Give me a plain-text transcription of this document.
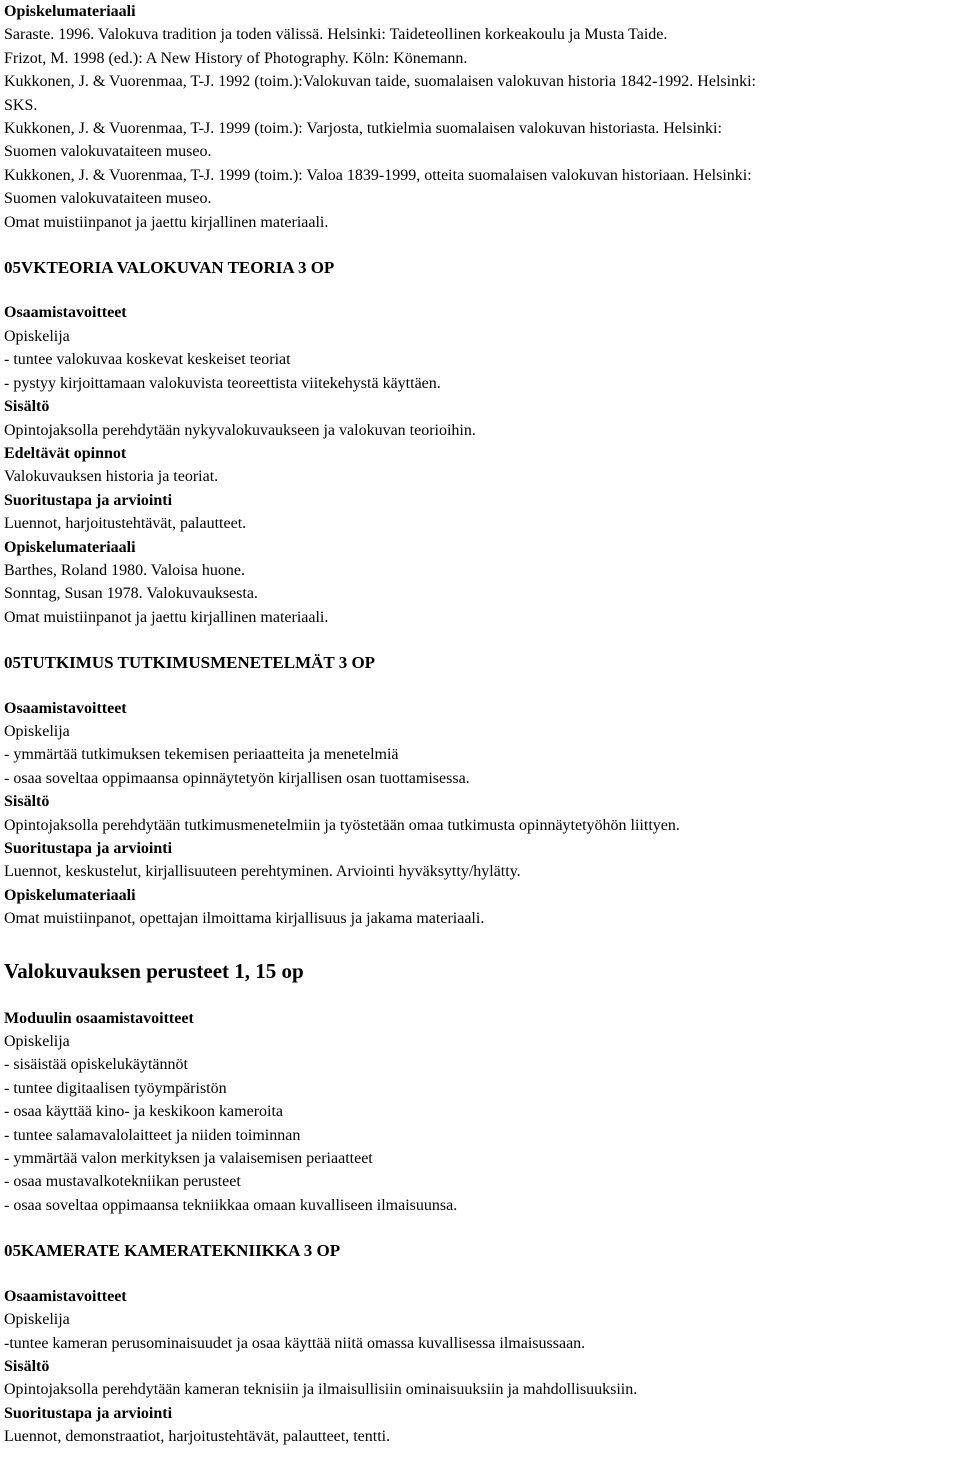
Opiskelumateriaali
Saraste. 1996. Valokuva tradition ja toden välissä. Helsinki: Taideteollinen korkeakoulu ja Musta Taide.
Frizot, M. 1998 (ed.): A New History of Photography. Köln: Könemann.
Kukkonen, J. & Vuorenmaa, T-J. 1992 (toim.):Valokuvan taide, suomalaisen valokuvan historia 1842-1992. Helsinki:
SKS.
Kukkonen, J. & Vuorenmaa, T-J. 1999 (toim.): Varjosta, tutkielmia suomalaisen valokuvan historiasta. Helsinki:
Suomen valokuvataiteen museo.
Kukkonen, J. & Vuorenmaa, T-J. 1999 (toim.): Valoa 1839-1999, otteita suomalaisen valokuvan historiaan. Helsinki:
Suomen valokuvataiteen museo.
Omat muistiinpanot ja jaettu kirjallinen materiaali.
05VKTEORIA VALOKUVAN TEORIA 3 OP
Osaamistavoitteet
Opiskelija
- tuntee valokuvaa koskevat keskeiset teoriat
- pystyy kirjoittamaan valokuvista teoreettista viitekehystä käyttäen.
Sisältö
Opintojaksolla perehdytään nykyvalokuvaukseen ja valokuvan teorioihin.
Edeltävät opinnot
Valokuvauksen historia ja teoriat.
Suoritustapa ja arviointi
Luennot, harjoitustehtävät, palautteet.
Opiskelumateriaali
Barthes, Roland 1980. Valoisa huone.
Sonntag, Susan 1978. Valokuvauksesta.
Omat muistiinpanot ja jaettu kirjallinen materiaali.
05TUTKIMUS TUTKIMUSMENETELMÄT 3 OP
Osaamistavoitteet
Opiskelija
- ymmärtää tutkimuksen tekemisen periaatteita ja menetelmiä
- osaa soveltaa oppimaansa opinnäytetyön kirjallisen osan tuottamisessa.
Sisältö
Opintojaksolla perehdytään tutkimusmenetelmiin ja työstetään omaa tutkimusta opinnäytetyöhön liittyen.
Suoritustapa ja arviointi
Luennot, keskustelut, kirjallisuuteen perehtyminen. Arviointi hyväksytty/hylätty.
Opiskelumateriaali
Omat muistiinpanot, opettajan ilmoittama kirjallisuus ja jakama materiaali.
Valokuvauksen perusteet 1, 15 op
Moduulin osaamistavoitteet
Opiskelija
- sisäistää opiskelukäytännöt
- tuntee digitaalisen työympäristön
- osaa käyttää kino- ja keskikoon kameroita
- tuntee salamavalolaitteet ja niiden toiminnan
- ymmärtää valon merkityksen ja valaisemisen periaatteet
- osaa mustavalkotekniikan perusteet
- osaa soveltaa oppimaansa tekniikkaa omaan kuvalliseen ilmaisuunsa.
05KAMERATE KAMERATEKNIIKKA 3 OP
Osaamistavoitteet
Opiskelija
-tuntee kameran perusominaisuudet ja osaa käyttää niitä omassa kuvallisessa ilmaisussaan.
Sisältö
Opintojaksolla perehdytään kameran teknisiin ja ilmaisullisiin ominaisuuksiin ja mahdollisuuksiin.
Suoritustapa ja arviointi
Luennot, demonstraatiot, harjoitustehtävät, palautteet, tentti.
